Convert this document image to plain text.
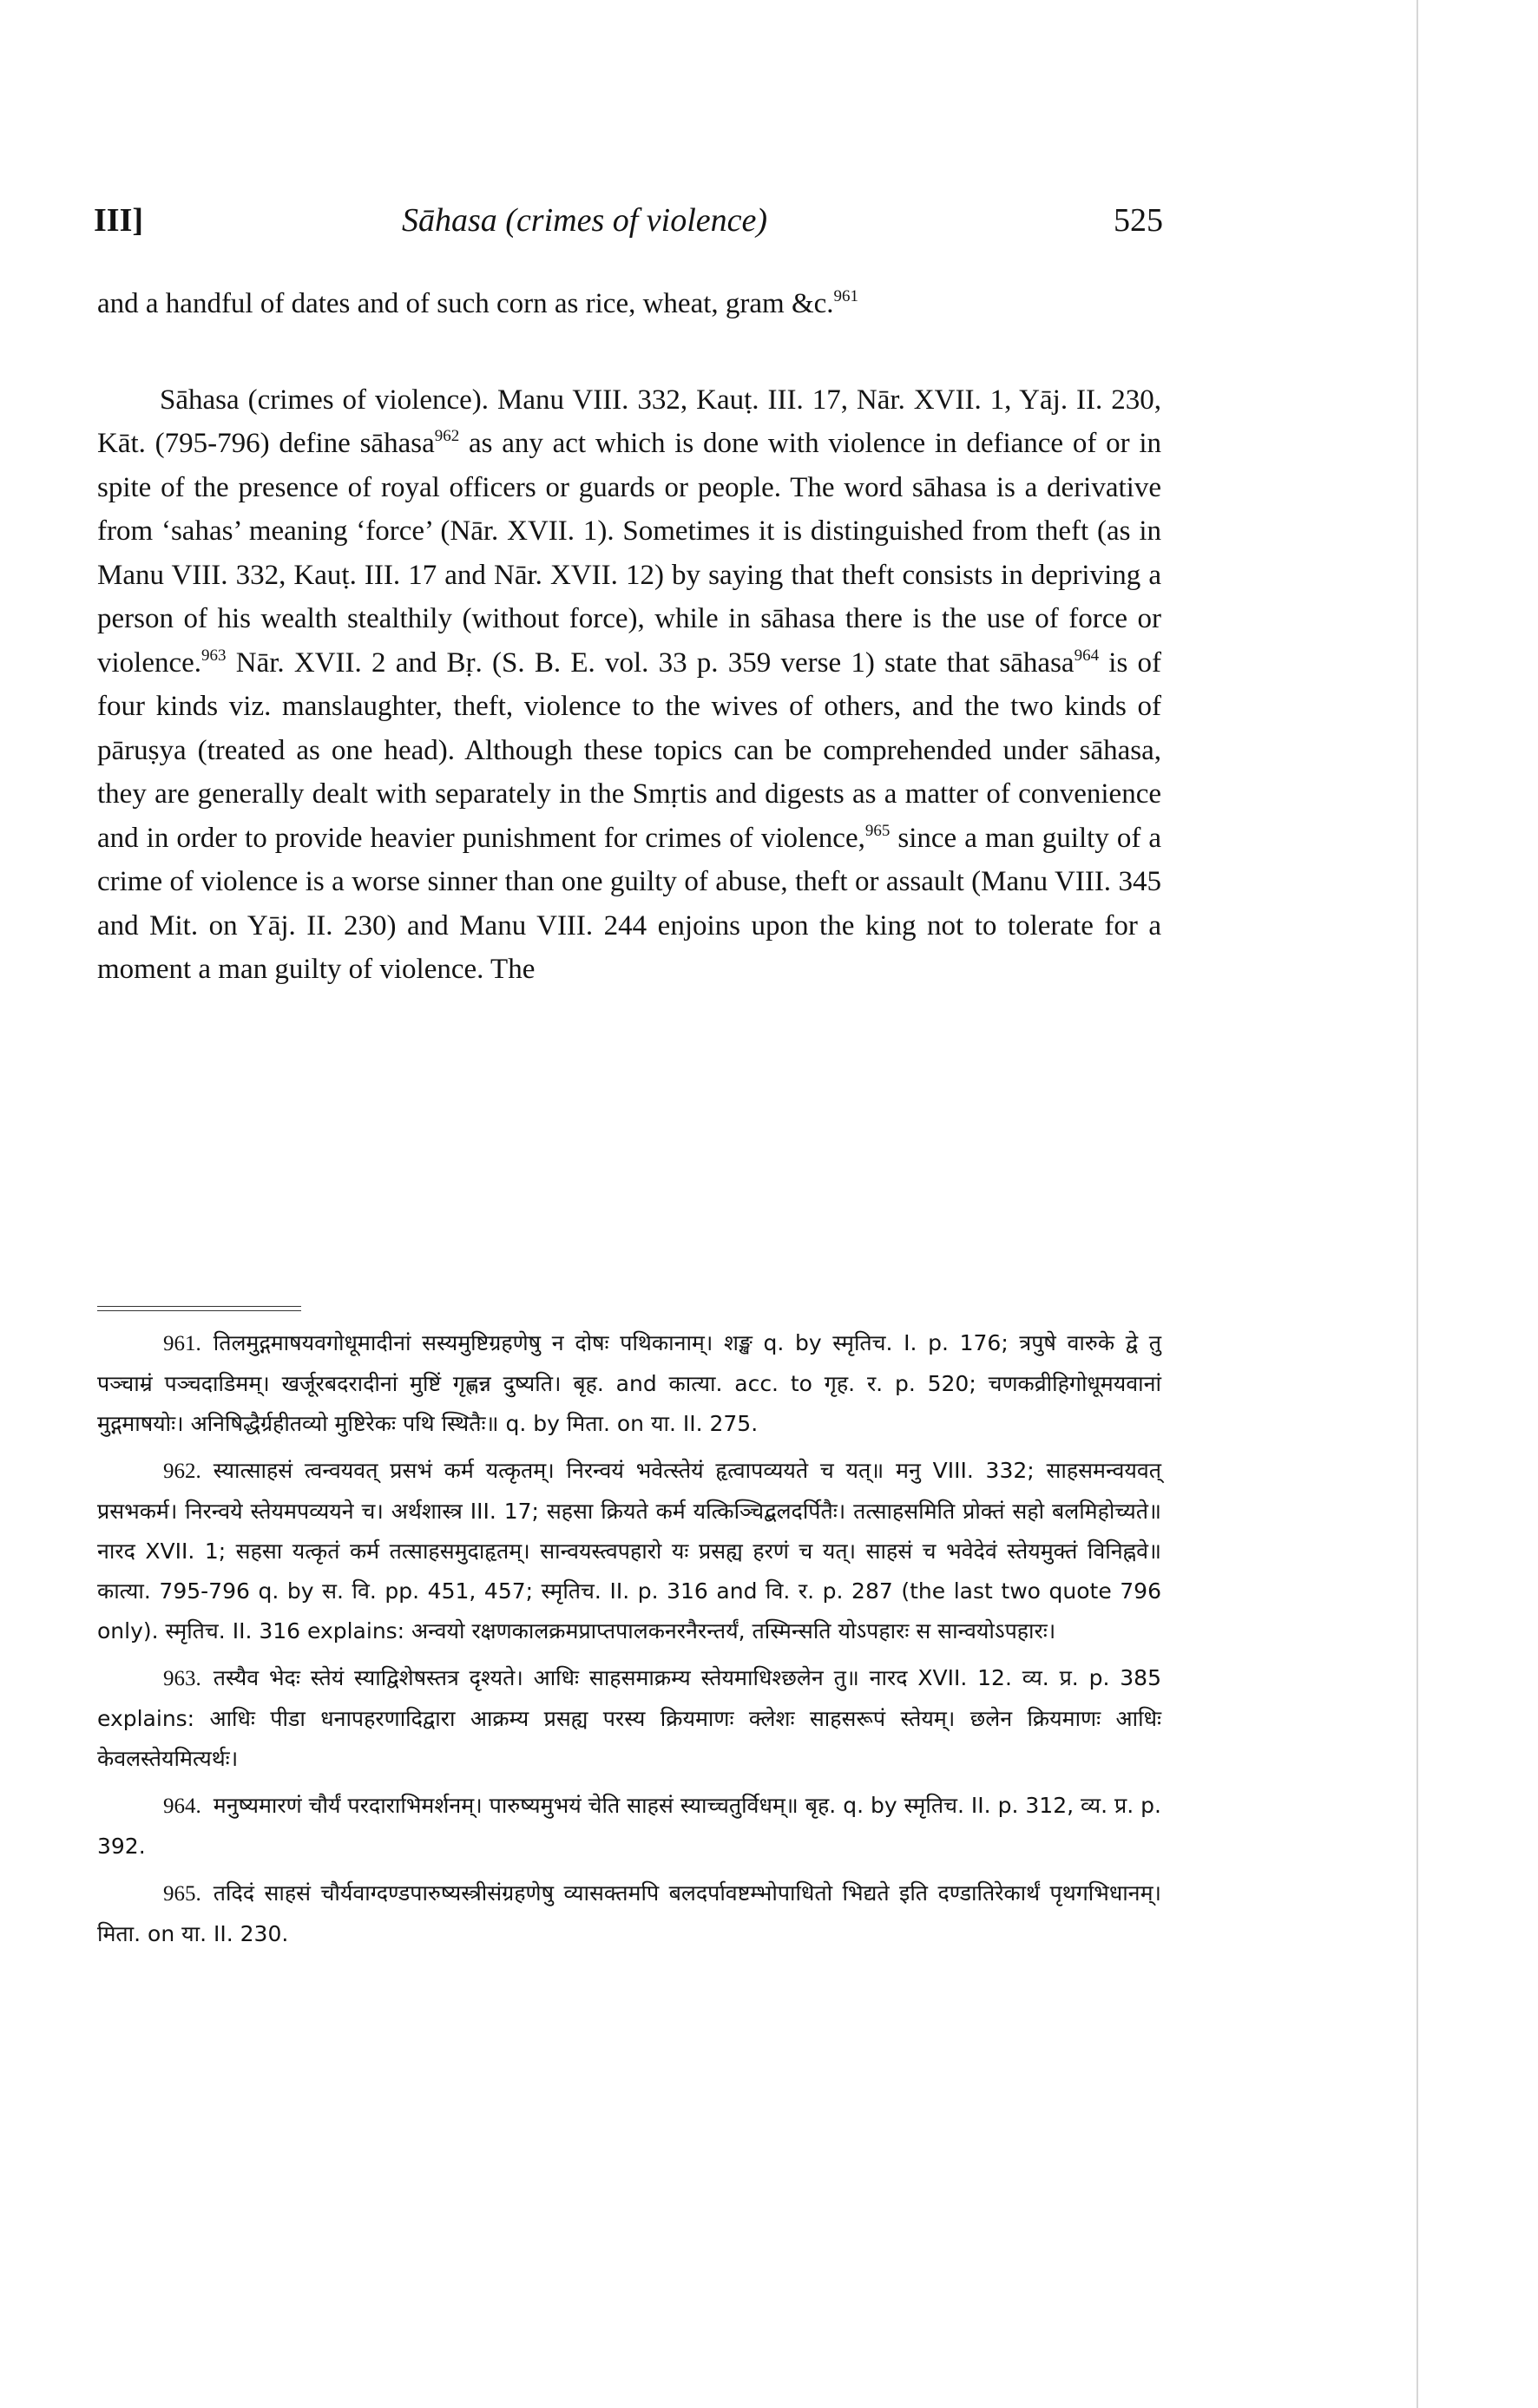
III]	Sāhasa (crimes of violence)	525

and a handful of dates and of such corn as rice, wheat, gram &c.$^{961}$

Sāhasa (crimes of violence). Manu VIII. 332, Kauṭ. III. 17, Nār. XVII. 1, Yāj. II. 230, Kāt. (795-796) define sāhasa$^{962}$ as any act which is done with violence in defiance of or in spite of the presence of royal officers or guards or people. The word sāhasa is a derivative from ‘sahas’ meaning ‘force’ (Nār. XVII. 1). Sometimes it is distinguished from theft (as in Manu VIII. 332, Kauṭ. III. 17 and Nār. XVII. 12) by saying that theft consists in depriving a person of his wealth stealthily (without force), while in sāhasa there is the use of force or violence.$^{963}$ Nār. XVII. 2 and Bṛ. (S. B. E. vol. 33 p. 359 verse 1) state that sāhasa$^{964}$ is of four kinds viz. manslaughter, theft, violence to the wives of others, and the two kinds of pāruṣya (treated as one head). Although these topics can be comprehended under sāhasa, they are generally dealt with separately in the Smṛtis and digests as a matter of convenience and in order to provide heavier punishment for crimes of violence,$^{965}$ since a man guilty of a crime of violence is a worse sinner than one guilty of abuse, theft or assault (Manu VIII. 345 and Mit. on Yāj. II. 230) and Manu VIII. 244 enjoins upon the king not to tolerate for a moment a man guilty of violence. The

961. तिलमुद्गमाषयवगोधूमादीनां सस्यमुष्टिग्रहणेषु न दोषः पथिकानाम्। शङ्ख q. by स्मृतिच. I. p. 176; त्रपुषे वारुके द्वे तु पञ्चाम्रं पञ्चदाडिमम्। खर्जूरबदरादीनां मुष्टिं गृह्णन्न दुष्यति। बृह. and कात्या. acc. to गृह. र. p. 520; चणकव्रीहिगोधूमयवानां मुद्गमाषयोः। अनिषिद्धैर्ग्रहीतव्यो मुष्टिरेकः पथि स्थितैः॥ q. by मिता. on या. II. 275.

962. स्यात्साहसं त्वन्वयवत् प्रसभं कर्म यत्कृतम्। निरन्वयं भवेत्स्तेयं हृत्वापव्ययते च यत्॥ मनु VIII. 332; साहसमन्वयवत् प्रसभकर्म। निरन्वये स्तेयमपव्ययने च। अर्थशास्त्र III. 17; सहसा क्रियते कर्म यत्किञ्चिद्बलदर्पितैः। तत्साहसमिति प्रोक्तं सहो बलमिहोच्यते॥ नारद XVII. 1; सहसा यत्कृतं कर्म तत्साहसमुदाहृतम्। सान्वयस्त्वपहारो यः प्रसह्य हरणं च यत्। साहसं च भवेदेवं स्तेयमुक्तं विनिह्नवे॥ कात्या. 795-796 q. by स. वि. pp. 451, 457; स्मृतिच. II. p. 316 and वि. र. p. 287 (the last two quote 796 only). स्मृतिच. II. 316 explains: अन्वयो रक्षणकालक्रमप्राप्तपालकनरनैरन्तर्यं, तस्मिन्सति योऽपहारः स सान्वयोऽपहारः।

963. तस्यैव भेदः स्तेयं स्याद्विशेषस्तत्र दृश्यते। आधिः साहसमाक्रम्य स्तेयमाधिश्छलेन तु॥ नारद XVII. 12. व्य. प्र. p. 385 explains: आधिः पीडा धनापहरणादिद्वारा आक्रम्य प्रसह्य परस्य क्रियमाणः क्लेशः साहसरूपं स्तेयम्। छलेन क्रियमाणः आधिः केवलस्तेयमित्यर्थः।

964. मनुष्यमारणं चौर्यं परदाराभिमर्शनम्। पारुष्यमुभयं चेति साहसं स्याच्चतुर्विधम्॥ बृह. q. by स्मृतिच. II. p. 312, व्य. प्र. p. 392.

965. तदिदं साहसं चौर्यवाग्दण्डपारुष्यस्त्रीसंग्रहणेषु व्यासक्तमपि बलदर्पावष्टम्भोपाधितो भिद्यते इति दण्डातिरेकार्थं पृथगभिधानम्। मिता. on या. II. 230.
